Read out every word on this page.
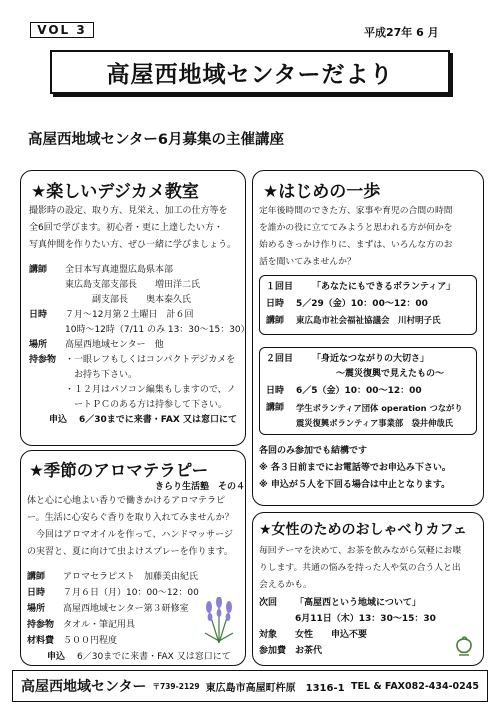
VOL 3	平成27年 6 月
高屋西地域センターだより
高屋西地域センター6月募集の主催講座
★楽しいデジカメ教室
撮影時の設定、取り方、見栄え、加工の仕方等を
全6回で学びます。初心者・更に上達したい方・
写真仲間を作りたい方、ぜひ一緒に学びましょう。
講師	全日本写真連盟広島県本部
東広島支部支部長　　増田洋二氏
　　　副支部長　　奥本泰久氏
日時	７月～12月第２土曜日　計６回
10時～12時（7/11 のみ 13：30～15：30）
場所	高屋西地域センター　他
持参物 ・一眼レフもしくはコンパクトデジカメを
　お持ち下さい。
・１２月はパソコン編集もしますので、ノ
　ートＰＣのある方は持参して下さい。
申込	6／30までに来書・FAX 又は窓口にて
★はじめの一歩
定年後時間のできた方、家事や育児の合間の時間
を誰かの役に立ててみようと思われる方が何かを
始めるきっかけ作りに、まずは、いろんな方のお
話を聞いてみませんか？
１回目	「あなたにもできるボランティア」
日時	5／29（金）10：00～12：00
講師	東広島市社会福祉協議会　川村明子氏
２回目	「身近なつながりの大切さ」
～震災復興で見えたもの～
日時	6／5（金）10：00～12：00
講師	学生ボランティア団体 operation つながり
震災復興ボランティア事業部　袋井伸哉氏
各回のみ参加でも結構です
※ 各３日前までにお電話等でお申込み下さい。
※ 申込が５人を下回る場合は中止となります。
★季節のアロマテラピー
きらり生活塾　その４
体と心に心地よい香りで働きかけるアロマテラピ
ー。生活に心安らぐ香りを取り入れてみませんか？
　今回はアロマオイルを作って、ハンドマッサージ
の実習と、夏に向けて虫よけスプレーを作ります。
講師	アロマセラピスト　加藤美由紀氏
日時	７月６日（月）10：00～12：00
場所	高屋西地域センター第３研修室
持参物 タオル・筆記用具
材料費 ５００円程度
申込	6／30までに来書・FAX 又は窓口にて
★女性のためのおしゃべりカフェ
毎回テーマを決めて、お茶を飲みながら気軽にお喋
りします。共通の悩みを持った人や気の合う人と出
会えるかも。
次回	「高屋西という地域について」
6月11日（木）13：30～15：30
対象	女性　　申込不要
参加費 お茶代
高屋西地域センター 〒739-2129 東広島市高屋町杵原　1316-1 TEL & FAX082-434-0245
